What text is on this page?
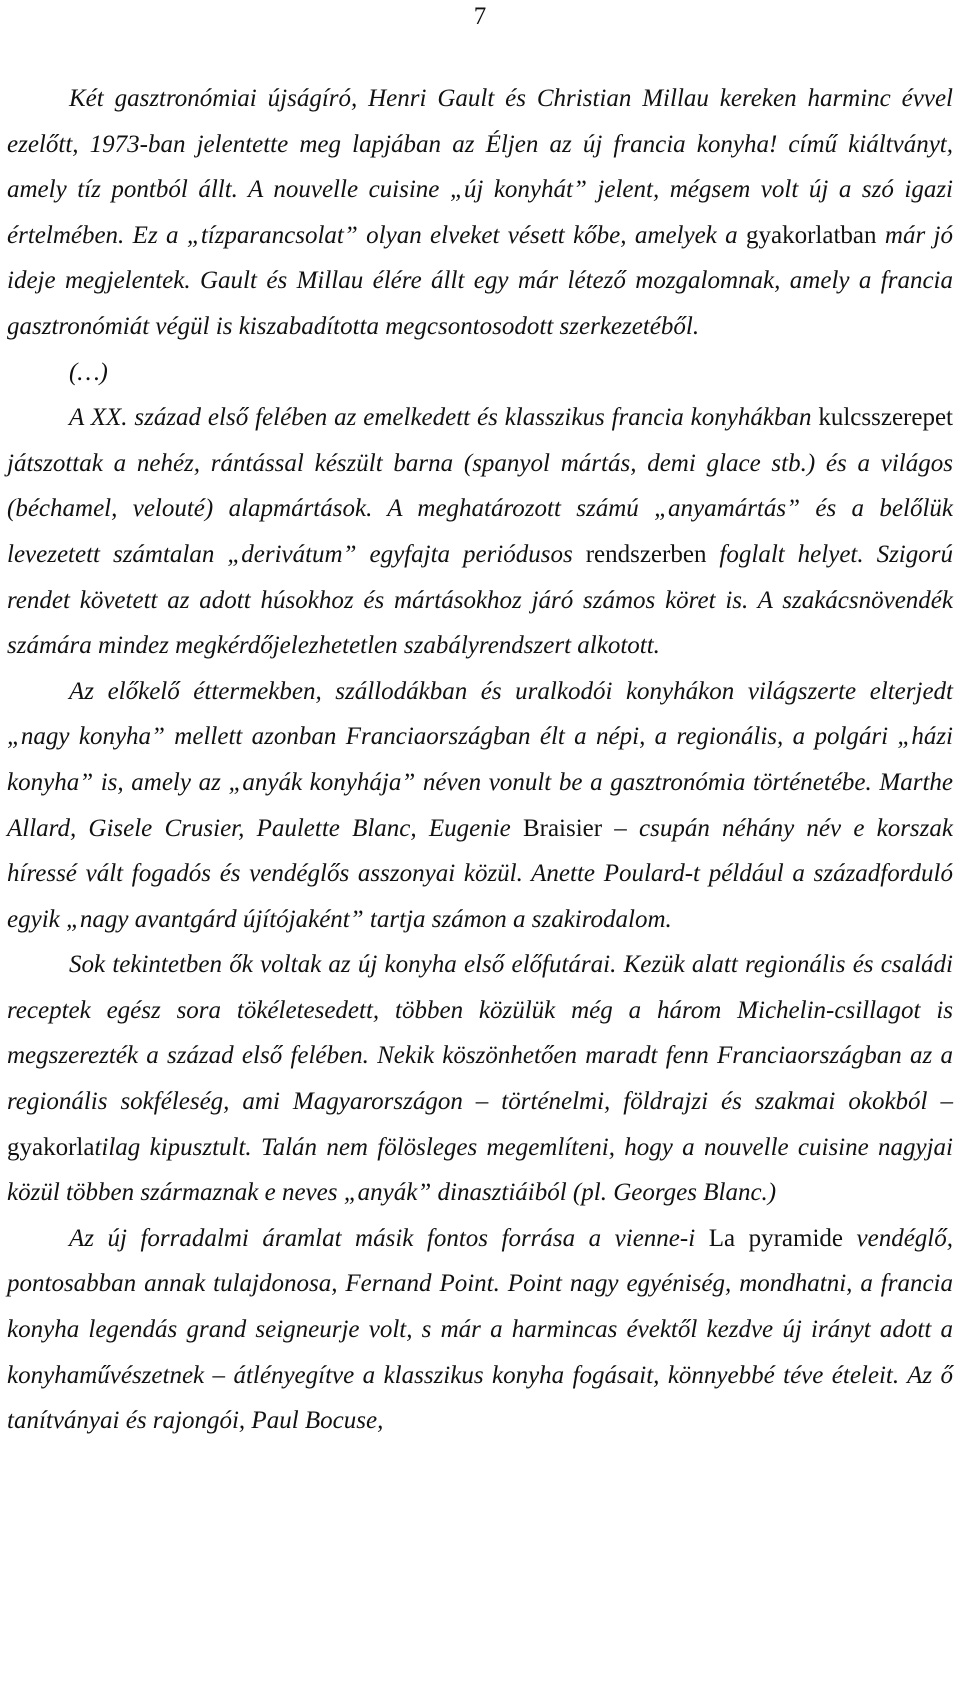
7

Két gasztronómiai újságíró, Henri Gault és Christian Millau kereken harminc évvel ezelőtt, 1973-ban jelentette meg lapjában az Éljen az új francia konyha! című kiáltványt, amely tíz pontból állt. A nouvelle cuisine „új konyhát” jelent, mégsem volt új a szó igazi értelmében. Ez a „tízparancsolat” olyan elveket vésett kőbe, amelyek a gyakorlatban már jó ideje megjelentek. Gault és Millau élére állt egy már létező mozgalomnak, amely a francia gasztronómiát végül is kiszabadította megcsontosodott szerkezetéből.

(…)

A XX. század első felében az emelkedett és klasszikus francia konyhákban kulcsszerepet játszottak a nehéz, rántással készült barna (spanyol mártás, demi glace stb.) és a világos (béchamel, velouté) alapmártások. A meghatározott számú „anyamártás” és a belőlük levezetett számtalan „derivátum” egyfajta periódusos rendszerben foglalt helyet. Szigorú rendet követett az adott húsokhoz és mártásokhoz járó számos köret is. A szakácsnövendék számára mindez megkérdőjelezhetetlen szabályrendszert alkotott.

Az előkelő éttermekben, szállodákban és uralkodói konyhákon világszerte elterjedt „nagy konyha” mellett azonban Franciaországban élt a népi, a regionális, a polgári „házi konyha” is, amely az „anyák konyhája” néven vonult be a gasztronómia történetébe. Marthe Allard, Gisele Crusier, Paulette Blanc, Eugenie Braisier – csupán néhány név e korszak híressé vált fogadós és vendéglős asszonyai közül. Anette Poulard-t például a századforduló egyik „nagy avantgárd újítójaként” tartja számon a szakirodalom.

Sok tekintetben ők voltak az új konyha első előfutárai. Kezük alatt regionális és családi receptek egész sora tökéletesedett, többen közülük még a három Michelin-csillagot is megszerezték a század első felében. Nekik köszönhetően maradt fenn Franciaországban az a regionális sokféleség, ami Magyarországon – történelmi, földrajzi és szakmai okokból – gyakorlatilag kipusztult. Talán nem fölösleges megemlíteni, hogy a nouvelle cuisine nagyjai közül többen származnak e neves „anyák” dinasztiáiból (pl. Georges Blanc.)

Az új forradalmi áramlat másik fontos forrása a vienne-i La pyramide vendéglő, pontosabban annak tulajdonosa, Fernand Point. Point nagy egyéniség, mondhatni, a francia konyha legendás grand seigneurje volt, s már a harmincas évektől kezdve új irányt adott a konyhaművészetnek – átlényegítve a klasszikus konyha fogásait, könnyebbé téve ételeit. Az ő tanítványai és rajongói, Paul Bocuse,
